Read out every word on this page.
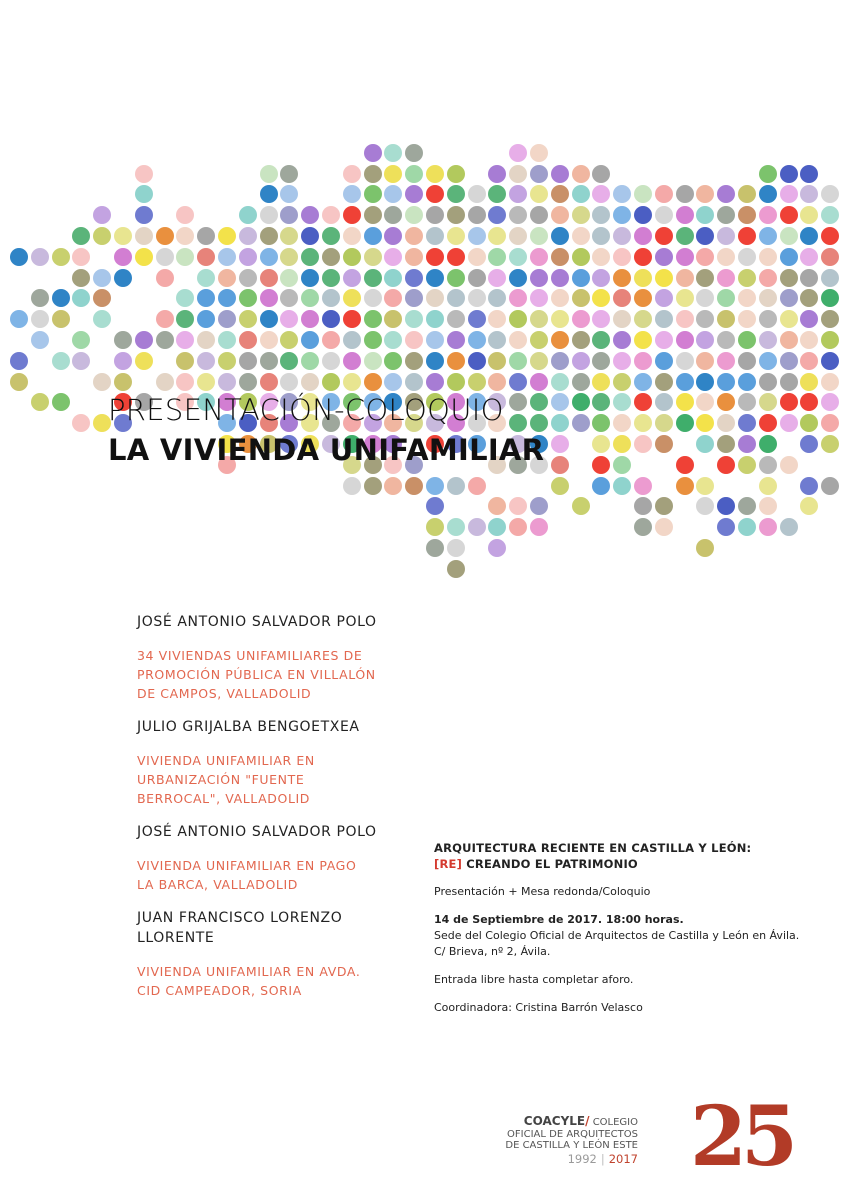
PRESENTACIÓN-COLOQUIO
LA VIVIENDA UNIFAMILIAR
JOSÉ ANTONIO SALVADOR POLO
34 VIVIENDAS UNIFAMILIARES DE PROMOCIÓN PÚBLICA EN VILLALÓN DE CAMPOS, VALLADOLID
JULIO GRIJALBA BENGOETXEA
VIVIENDA UNIFAMILIAR EN URBANIZACIÓN "FUENTE BERROCAL", VALLADOLID
JOSÉ ANTONIO SALVADOR POLO
VIVIENDA UNIFAMILIAR EN PAGO LA BARCA, VALLADOLID
JUAN FRANCISCO LORENZO LLORENTE
VIVIENDA UNIFAMILIAR EN AVDA. CID CAMPEADOR, SORIA

ARQUITECTURA RECIENTE EN CASTILLA Y LEÓN:

[RE] CREANDO EL PATRIMONIO

Presentación + Mesa redonda/Coloquio

14 de Septiembre de 2017. 18:00 horas.

Sede del Colegio Oficial de Arquitectos de Castilla y León en Ávila.

C/ Brieva, nº 2, Ávila.

Entrada libre hasta completar aforo.

Coordinadora: Cristina Barrón Velasco

COACYLE/ COLEGIO
OFICIAL DE ARQUITECTOS
DE CASTILLA Y LEÓN ESTE
1992 | 2017 25
